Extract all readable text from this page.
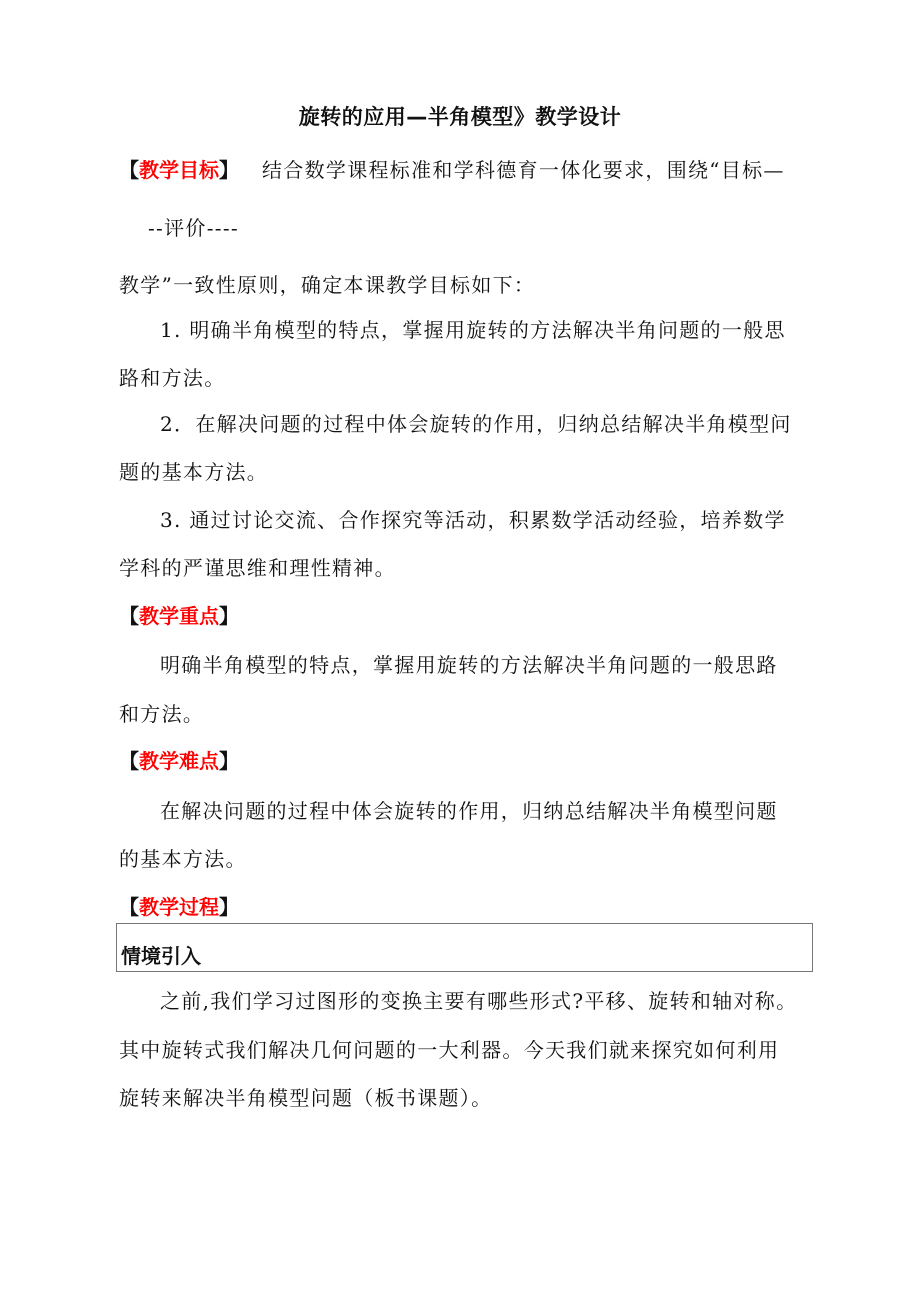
旋转的应用—半角模型》教学设计
【教学目标】 结合数学课程标准和学科德育一体化要求，围绕“目标—
--评价----
教学”一致性原则，确定本课教学目标如下：
1. 明确半角模型的特点，掌握用旋转的方法解决半角问题的一般思
路和方法。
2．在解决问题的过程中体会旋转的作用，归纳总结解决半角模型问
题的基本方法。
3. 通过讨论交流、合作探究等活动，积累数学活动经验，培养数学
学科的严谨思维和理性精神。
【教学重点】
明确半角模型的特点，掌握用旋转的方法解决半角问题的一般思路
和方法。
【教学难点】
在解决问题的过程中体会旋转的作用，归纳总结解决半角模型问题
的基本方法。
【教学过程】
情境引入
之前,我们学习过图形的变换主要有哪些形式?平移、旋转和轴对称。
其中旋转式我们解决几何问题的一大利器。今天我们就来探究如何利用
旋转来解决半角模型问题（板书课题）。
